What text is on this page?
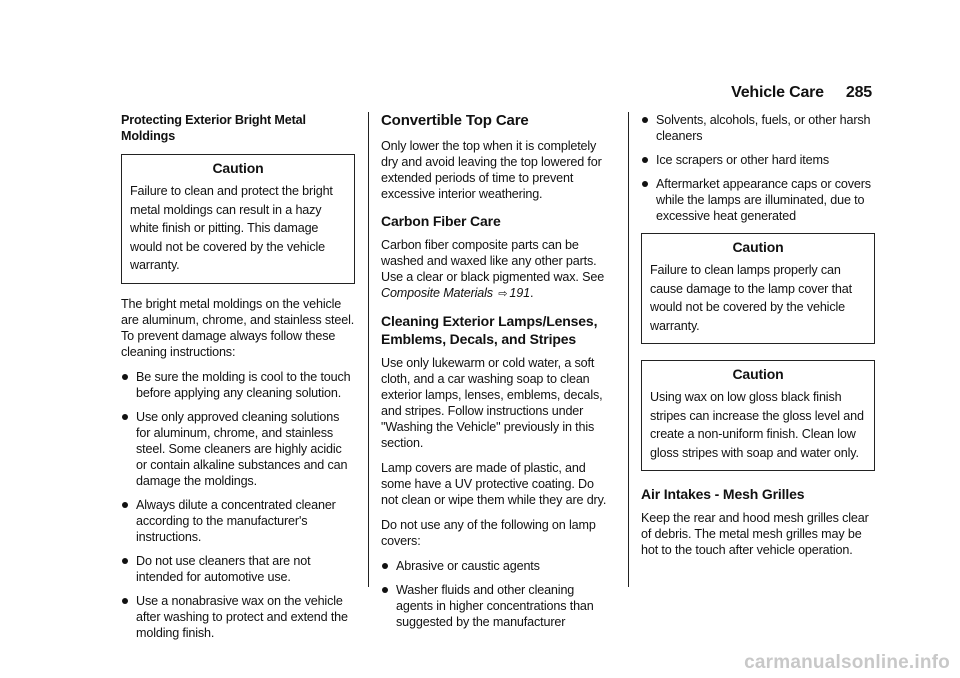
Vehicle Care 285
Protecting Exterior Bright Metal Moldings
Caution
Failure to clean and protect the bright metal moldings can result in a hazy white finish or pitting. This damage would not be covered by the vehicle warranty.

The bright metal moldings on the vehicle are aluminum, chrome, and stainless steel. To prevent damage always follow these cleaning instructions:

Be sure the molding is cool to the touch before applying any cleaning solution.
Use only approved cleaning solutions for aluminum, chrome, and stainless steel. Some cleaners are highly acidic or contain alkaline substances and can damage the moldings.
Always dilute a concentrated cleaner according to the manufacturer's instructions.
Do not use cleaners that are not intended for automotive use.
Use a nonabrasive wax on the vehicle after washing to protect and extend the molding finish.
Convertible Top Care

Only lower the top when it is completely dry and avoid leaving the top lowered for extended periods of time to prevent excessive interior weathering.

Carbon Fiber Care

Carbon fiber composite parts can be washed and waxed like any other parts. Use a clear or black pigmented wax. See Composite Materials ⇨ 191.

Cleaning Exterior Lamps/Lenses, Emblems, Decals, and Stripes

Use only lukewarm or cold water, a soft cloth, and a car washing soap to clean exterior lamps, lenses, emblems, decals, and stripes. Follow instructions under "Washing the Vehicle" previously in this section.

Lamp covers are made of plastic, and some have a UV protective coating. Do not clean or wipe them while they are dry.

Do not use any of the following on lamp covers:

Abrasive or caustic agents
Washer fluids and other cleaning agents in higher concentrations than suggested by the manufacturer
Solvents, alcohols, fuels, or other harsh cleaners
Ice scrapers or other hard items
Aftermarket appearance caps or covers while the lamps are illuminated, due to excessive heat generated
Caution
Failure to clean lamps properly can cause damage to the lamp cover that would not be covered by the vehicle warranty.
Caution
Using wax on low gloss black finish stripes can increase the gloss level and create a non-uniform finish. Clean low gloss stripes with soap and water only.
Air Intakes - Mesh Grilles

Keep the rear and hood mesh grilles clear of debris. The metal mesh grilles may be hot to the touch after vehicle operation.

carmanualsonline.info
